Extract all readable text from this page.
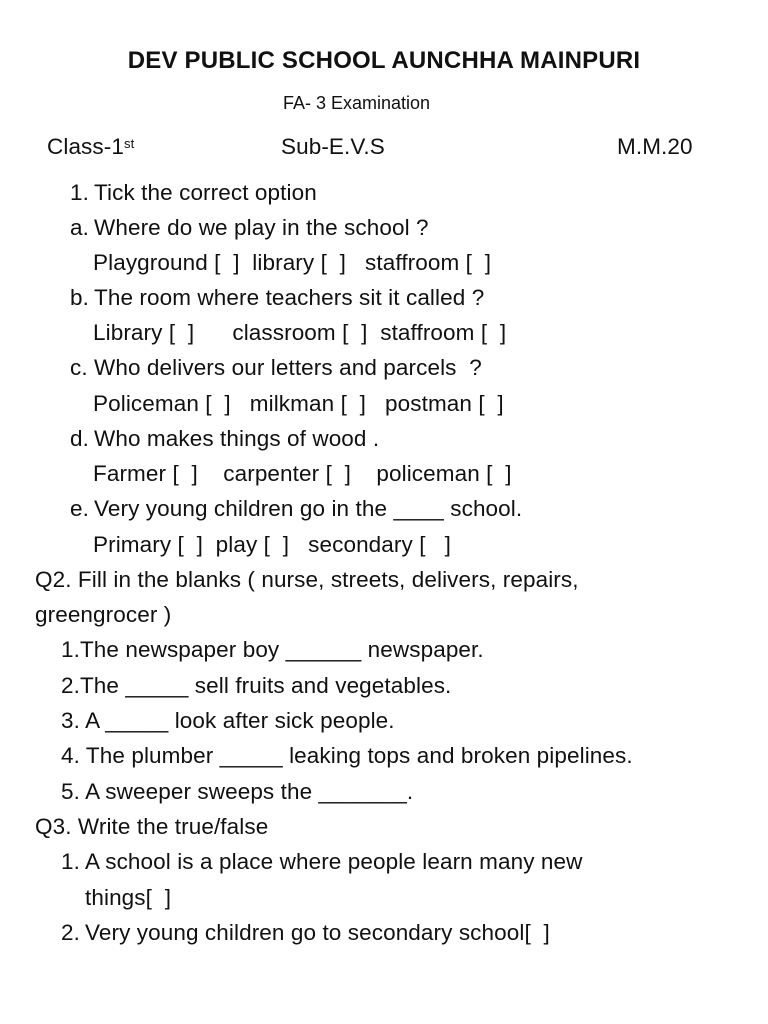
DEV PUBLIC SCHOOL AUNCHHA MAINPURI
FA- 3 Examination
Class-1st	Sub-E.V.S	M.M.20
1. Tick the correct option
a. Where do we play in the school ?
Playground [  ]  library [  ]   staffroom [  ]
b. The room where teachers sit it called ?
Library [  ]      classroom [  ]  staffroom [  ]
c. Who delivers our letters and parcels  ?
Policeman [  ]   milkman [  ]   postman [  ]
d. Who makes things of wood .
Farmer [  ]    carpenter [  ]    policeman [  ]
e. Very young children go in the ____ school.
Primary [  ]  play [  ]   secondary [   ]
Q2. Fill in the blanks ( nurse, streets, delivers, repairs,
greengrocer )
1.The newspaper boy ______ newspaper.
2.The _____ sell fruits and vegetables.
3. A _____ look after sick people.
4. The plumber _____ leaking tops and broken pipelines.
5. A sweeper sweeps the _______.
Q3. Write the true/false
1. A school is a place where people learn many new
things[  ]
2. Very young children go to secondary school[  ]
